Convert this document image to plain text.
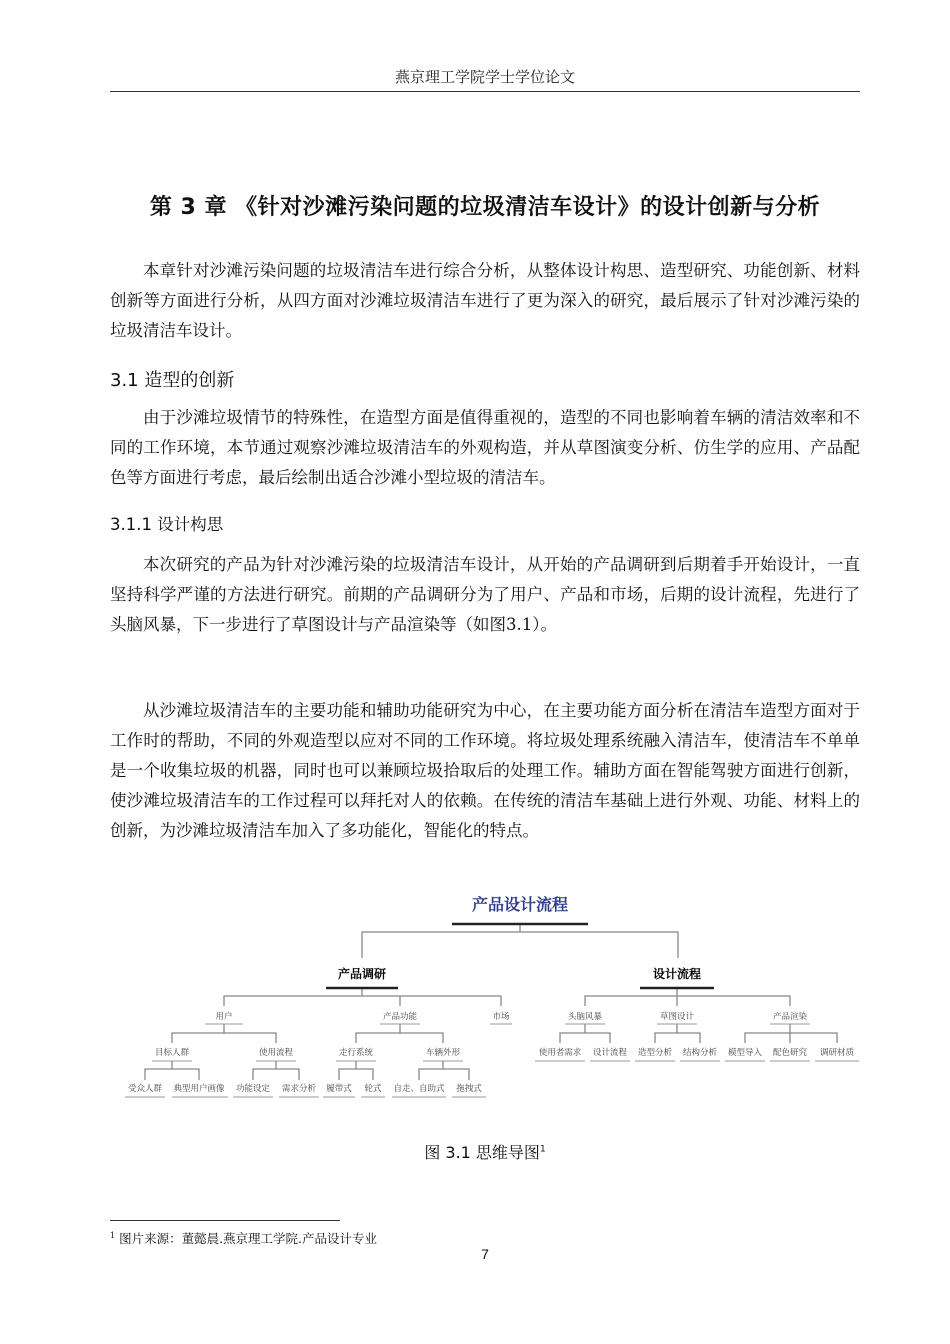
燕京理工学院学士学位论文
第 3 章 《针对沙滩污染问题的垃圾清洁车设计》的设计创新与分析
本章针对沙滩污染问题的垃圾清洁车进行综合分析，从整体设计构思、造型研究、功能创新、材料创新等方面进行分析，从四方面对沙滩垃圾清洁车进行了更为深入的研究，最后展示了针对沙滩污染的垃圾清洁车设计。
3.1 造型的创新
由于沙滩垃圾情节的特殊性，在造型方面是值得重视的，造型的不同也影响着车辆的清洁效率和不同的工作环境，本节通过观察沙滩垃圾清洁车的外观构造，并从草图演变分析、仿生学的应用、产品配色等方面进行考虑，最后绘制出适合沙滩小型垃圾的清洁车。
3.1.1 设计构思
本次研究的产品为针对沙滩污染的垃圾清洁车设计，从开始的产品调研到后期着手开始设计，一直坚持科学严谨的方法进行研究。前期的产品调研分为了用户、产品和市场，后期的设计流程，先进行了头脑风暴，下一步进行了草图设计与产品渲染等（如图3.1）。
从沙滩垃圾清洁车的主要功能和辅助功能研究为中心，在主要功能方面分析在清洁车造型方面对于工作时的帮助，不同的外观造型以应对不同的工作环境。将垃圾处理系统融入清洁车，使清洁车不单单是一个收集垃圾的机器，同时也可以兼顾垃圾拾取后的处理工作。辅助方面在智能驾驶方面进行创新，使沙滩垃圾清洁车的工作过程可以拜托对人的依赖。在传统的清洁车基础上进行外观、功能、材料上的创新，为沙滩垃圾清洁车加入了多功能化，智能化的特点。
产品设计流程
产品调研	设计流程
用户	产品功能	市场
目标人群	使用流程	走行系统	车辆外形
受众人群 典型用户画像 功能设定 需求分析 履带式 轮式 自走、自助式 拖拽式
头脑风暴	草图设计	产品渲染
使用者需求 设计流程 造型分析 结构分析 模型导入 配色研究 调研材质
图 3.1 思维导图$^1$
$^1$ 图片来源：董懿晨.燕京理工学院.产品设计专业
7
